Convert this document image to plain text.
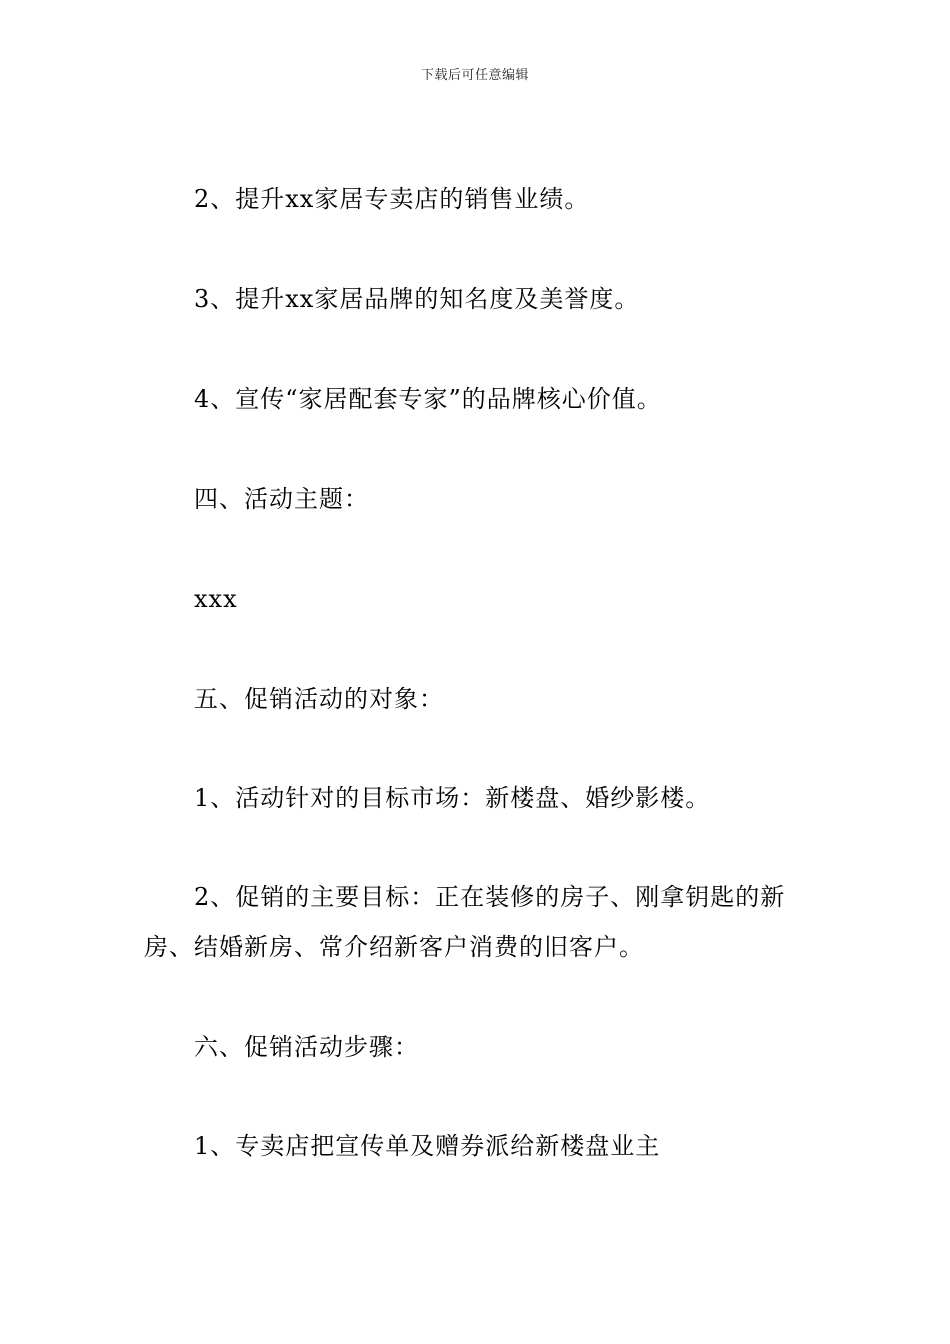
下载后可任意编辑

2、提升xx家居专卖店的销售业绩。

3、提升xx家居品牌的知名度及美誉度。

4、宣传“家居配套专家”的品牌核心价值。

四、活动主题：

xxx

五、促销活动的对象：

1、活动针对的目标市场：新楼盘、婚纱影楼。

2、促销的主要目标：正在装修的房子、刚拿钥匙的新房、结婚新房、常介绍新客户消费的旧客户。

六、促销活动步骤：

1、专卖店把宣传单及赠券派给新楼盘业主
